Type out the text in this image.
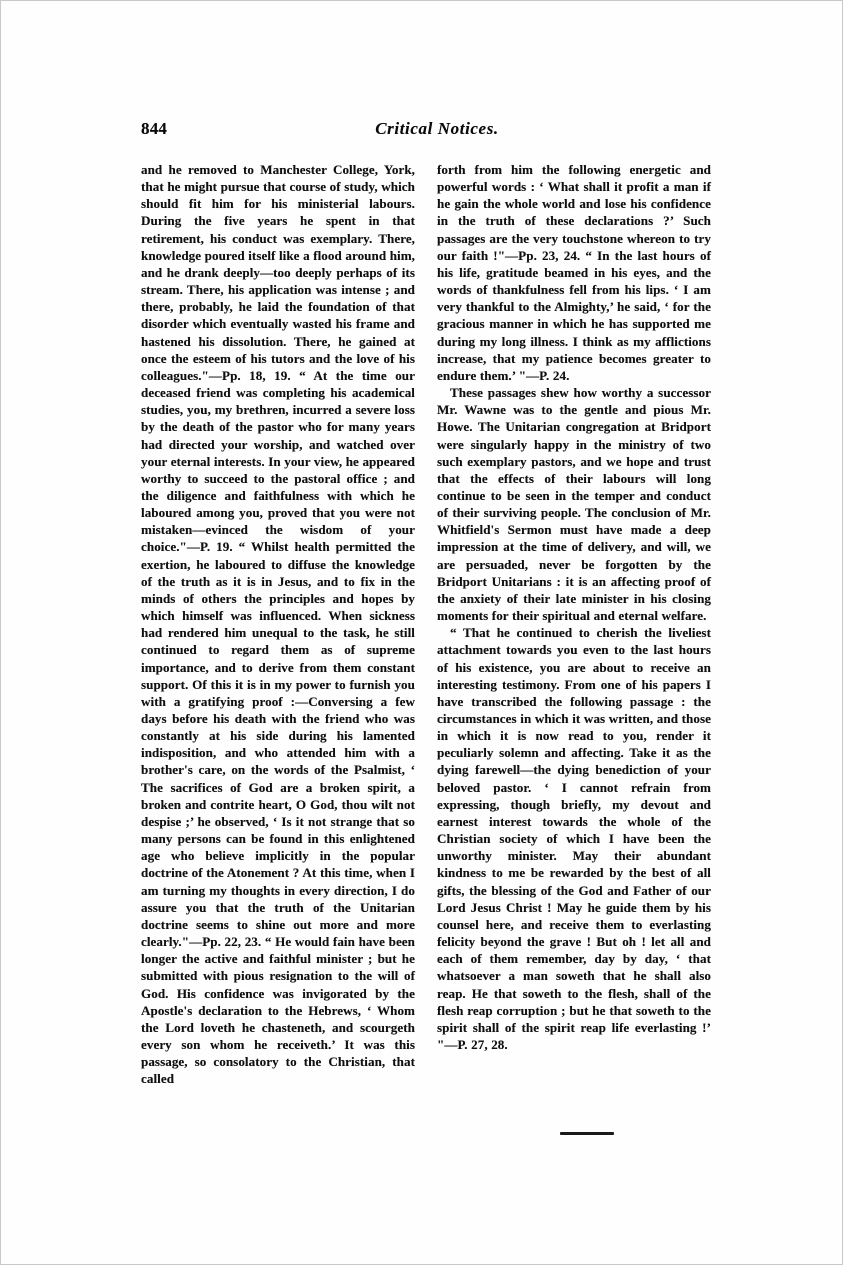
844	Critical Notices.

and he removed to Manchester College, York, that he might pursue that course of study, which should fit him for his ministerial labours. During the five years he spent in that retirement, his conduct was exemplary. There, knowledge poured itself like a flood around him, and he drank deeply—too deeply perhaps of its stream. There, his application was intense ; and there, probably, he laid the foundation of that disorder which eventually wasted his frame and hastened his dissolution. There, he gained at once the esteem of his tutors and the love of his colleagues."—Pp. 18, 19. “ At the time our deceased friend was completing his academical studies, you, my brethren, incurred a severe loss by the death of the pastor who for many years had directed your worship, and watched over your eternal interests. In your view, he appeared worthy to succeed to the pastoral office ; and the diligence and faithfulness with which he laboured among you, proved that you were not mistaken—evinced the wisdom of your choice."—P. 19. “ Whilst health permitted the exertion, he laboured to diffuse the knowledge of the truth as it is in Jesus, and to fix in the minds of others the principles and hopes by which himself was influenced. When sickness had rendered him unequal to the task, he still continued to regard them as of supreme importance, and to derive from them constant support. Of this it is in my power to furnish you with a gratifying proof :—Conversing a few days before his death with the friend who was constantly at his side during his lamented indisposition, and who attended him with a brother's care, on the words of the Psalmist, ‘ The sacrifices of God are a broken spirit, a broken and contrite heart, O God, thou wilt not despise ;’ he observed, ‘ Is it not strange that so many persons can be found in this enlightened age who believe implicitly in the popular doctrine of the Atonement ? At this time, when I am turning my thoughts in every direction, I do assure you that the truth of the Unitarian doctrine seems to shine out more and more clearly."—Pp. 22, 23. “ He would fain have been longer the active and faithful minister ; but he submitted with pious resignation to the will of God. His confidence was invigorated by the Apostle's declaration to the Hebrews, ‘ Whom the Lord loveth he chasteneth, and scourgeth every son whom he receiveth.’ It was this passage, so consolatory to the Christian, that called

forth from him the following energetic and powerful words : ‘ What shall it profit a man if he gain the whole world and lose his confidence in the truth of these declarations ?’ Such passages are the very touchstone whereon to try our faith !"—Pp. 23, 24. “ In the last hours of his life, gratitude beamed in his eyes, and the words of thankfulness fell from his lips. ‘ I am very thankful to the Almighty,’ he said, ‘ for the gracious manner in which he has supported me during my long illness. I think as my afflictions increase, that my patience becomes greater to endure them.’ "—P. 24.

These passages shew how worthy a successor Mr. Wawne was to the gentle and pious Mr. Howe. The Unitarian congregation at Bridport were singularly happy in the ministry of two such exemplary pastors, and we hope and trust that the effects of their labours will long continue to be seen in the temper and conduct of their surviving people. The conclusion of Mr. Whitfield's Sermon must have made a deep impression at the time of delivery, and will, we are persuaded, never be forgotten by the Bridport Unitarians : it is an affecting proof of the anxiety of their late minister in his closing moments for their spiritual and eternal welfare.

“ That he continued to cherish the liveliest attachment towards you even to the last hours of his existence, you are about to receive an interesting testimony. From one of his papers I have transcribed the following passage : the circumstances in which it was written, and those in which it is now read to you, render it peculiarly solemn and affecting. Take it as the dying farewell—the dying benediction of your beloved pastor. ‘ I cannot refrain from expressing, though briefly, my devout and earnest interest towards the whole of the Christian society of which I have been the unworthy minister. May their abundant kindness to me be rewarded by the best of all gifts, the blessing of the God and Father of our Lord Jesus Christ ! May he guide them by his counsel here, and receive them to everlasting felicity beyond the grave ! But oh ! let all and each of them remember, day by day, ‘ that whatsoever a man soweth that he shall also reap. He that soweth to the flesh, shall of the flesh reap corruption ; but he that soweth to the spirit shall of the spirit reap life everlasting !’ "—P. 27, 28.
